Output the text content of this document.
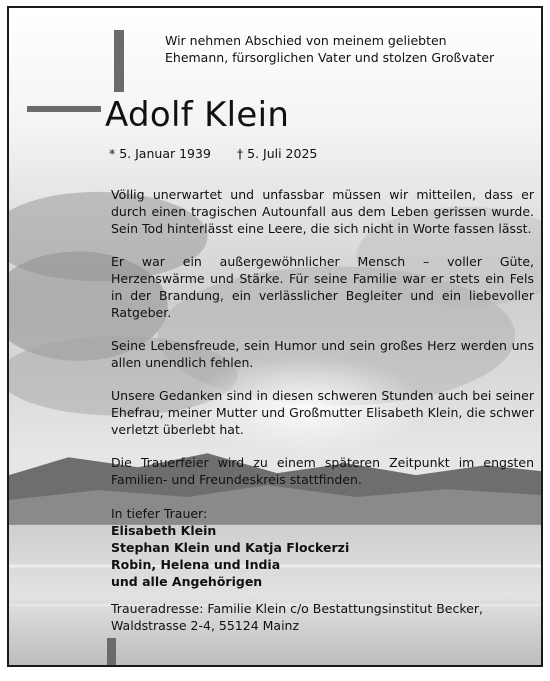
Wir nehmen Abschied von meinem geliebten
Ehemann, fürsorglichen Vater und stolzen Großvater
Adolf Klein
* 5. Januar 1939 † 5. Juli 2025

Völlig unerwartet und unfassbar müssen wir mitteilen, dass er durch einen tragischen Autounfall aus dem Leben gerissen wurde. Sein Tod hinterlässt eine Leere, die sich nicht in Worte fassen lässt.

Er war ein außergewöhnlicher Mensch – voller Güte, Herzenswärme und Stärke. Für seine Familie war er stets ein Fels in der Brandung, ein verlässlicher Begleiter und ein liebevoller Ratgeber.

Seine Lebensfreude, sein Humor und sein großes Herz werden uns allen unendlich fehlen.

Unsere Gedanken sind in diesen schweren Stunden auch bei seiner Ehefrau, meiner Mutter und Großmutter Elisabeth Klein, die schwer verletzt überlebt hat.

Die Trauerfeier wird zu einem späteren Zeitpunkt im engsten Familien- und Freundeskreis stattfinden.

In tiefer Trauer:
Elisabeth Klein
Stephan Klein und Katja Flockerzi
Robin, Helena und India
und alle Angehörigen
Traueradresse: Familie Klein c/o Bestattungsinstitut Becker,
Waldstrasse 2-4, 55124 Mainz
